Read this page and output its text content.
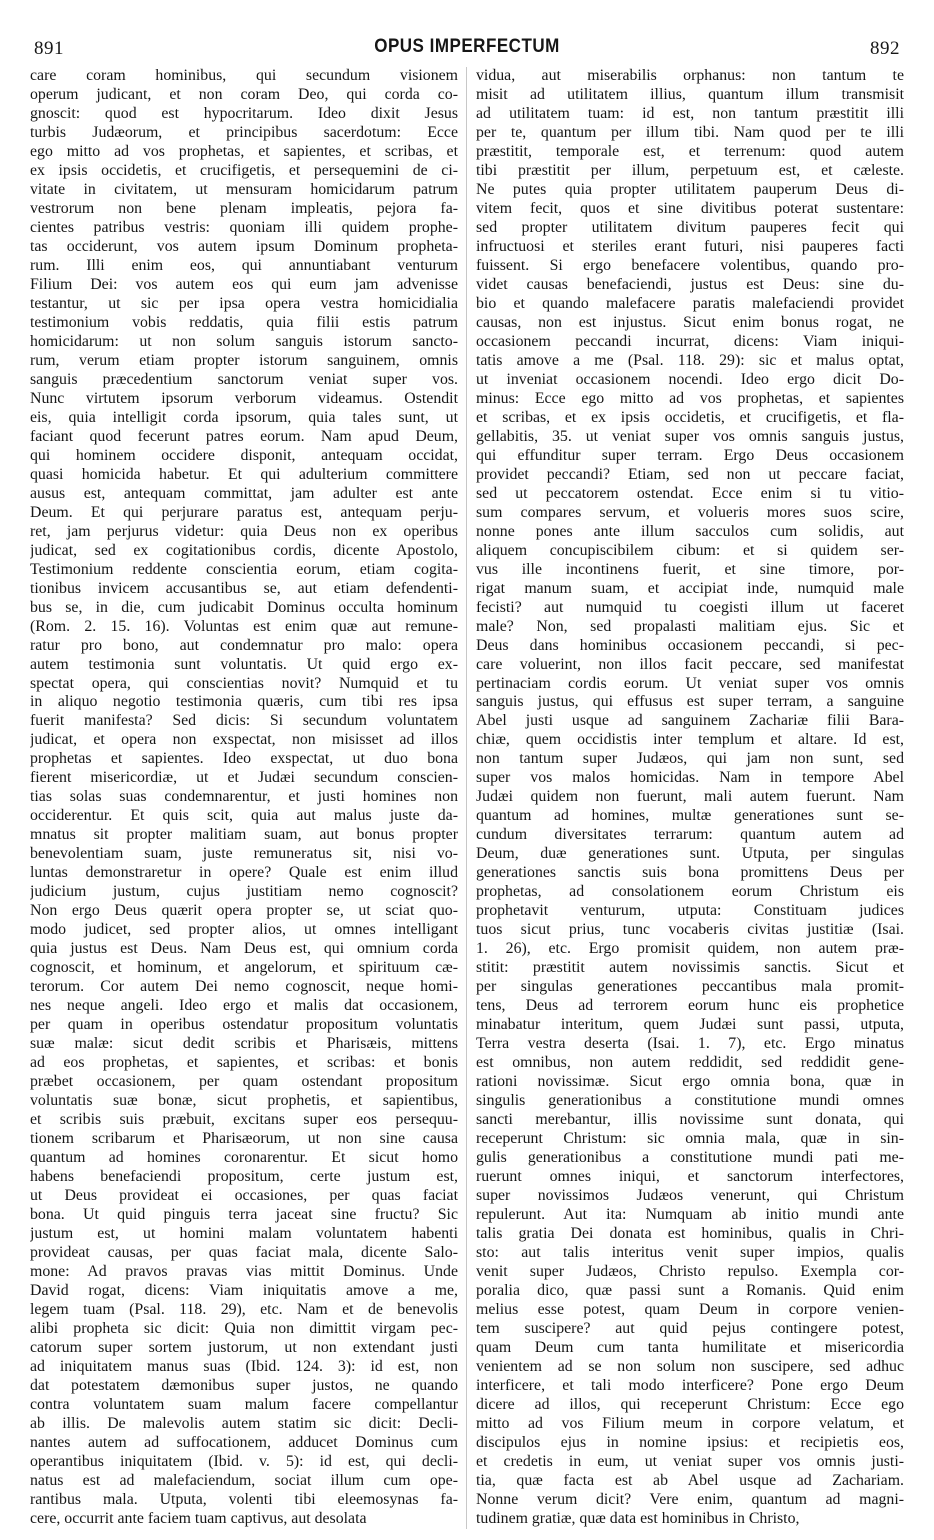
891	OPUS IMPERFECTUM	892
care coram hominibus, qui secundum visionem
operum judicant, et non coram Deo, qui corda co-
gnoscit: quod est hypocritarum. Ideo dixit Jesus
turbis Judæorum, et principibus sacerdotum: Ecce
ego mitto ad vos prophetas, et sapientes, et scribas, et
ex ipsis occidetis, et crucifigetis, et persequemini de ci-
vitate in civitatem, ut mensuram homicidarum patrum
vestrorum non bene plenam impleatis, pejora fa-
cientes patribus vestris: quoniam illi quidem prophe-
tas occiderunt, vos autem ipsum Dominum propheta-
rum. Illi enim eos, qui annuntiabant venturum
Filium Dei: vos autem eos qui eum jam advenisse
testantur, ut sic per ipsa opera vestra homicidialia
testimonium vobis reddatis, quia filii estis patrum
homicidarum: ut non solum sanguis istorum sancto-
rum, verum etiam propter istorum sanguinem, omnis
sanguis præcedentium sanctorum veniat super vos.
Nunc virtutem ipsorum verborum videamus. Ostendit
eis, quia intelligit corda ipsorum, quia tales sunt, ut
faciant quod fecerunt patres eorum. Nam apud Deum,
qui hominem occidere disponit, antequam occidat,
quasi homicida habetur. Et qui adulterium committere
ausus est, antequam committat, jam adulter est ante
Deum. Et qui perjurare paratus est, antequam perju-
ret, jam perjurus videtur: quia Deus non ex operibus
judicat, sed ex cogitationibus cordis, dicente Apostolo,
Testimonium reddente conscientia eorum, etiam cogita-
tionibus invicem accusantibus se, aut etiam defendenti-
bus se, in die, cum judicabit Dominus occulta hominum
(Rom. 2. 15. 16). Voluntas est enim quæ aut remune-
ratur pro bono, aut condemnatur pro malo: opera
autem testimonia sunt voluntatis. Ut quid ergo ex-
spectat opera, qui conscientias novit? Numquid et tu
in aliquo negotio testimonia quæris, cum tibi res ipsa
fuerit manifesta? Sed dicis: Si secundum voluntatem
judicat, et opera non exspectat, non misisset ad illos
prophetas et sapientes. Ideo exspectat, ut duo bona
fierent misericordiæ, ut et Judæi secundum conscien-
tias solas suas condemnarentur, et justi homines non
occiderentur. Et quis scit, quia aut malus juste da-
mnatus sit propter malitiam suam, aut bonus propter
benevolentiam suam, juste remuneratus sit, nisi vo-
luntas demonstraretur in opere? Quale est enim illud
judicium justum, cujus justitiam nemo cognoscit?
Non ergo Deus quærit opera propter se, ut sciat quo-
modo judicet, sed propter alios, ut omnes intelligant
quia justus est Deus. Nam Deus est, qui omnium corda
cognoscit, et hominum, et angelorum, et spirituum cæ-
terorum. Cor autem Dei nemo cognoscit, neque homi-
nes neque angeli. Ideo ergo et malis dat occasionem,
per quam in operibus ostendatur propositum voluntatis
suæ malæ: sicut dedit scribis et Pharisæis, mittens
ad eos prophetas, et sapientes, et scribas: et bonis
præbet occasionem, per quam ostendant propositum
voluntatis suæ bonæ, sicut prophetis, et sapientibus,
et scribis suis præbuit, excitans super eos persequu-
tionem scribarum et Pharisæorum, ut non sine causa
quantum ad homines coronarentur. Et sicut homo
habens benefaciendi propositum, certe justum est,
ut Deus provideat ei occasiones, per quas faciat
bona. Ut quid pinguis terra jaceat sine fructu? Sic
justum est, ut homini malam voluntatem habenti
provideat causas, per quas faciat mala, dicente Salo-
mone: Ad pravos pravas vias mittit Dominus. Unde
David rogat, dicens: Viam iniquitatis amove a me,
legem tuam (Psal. 118. 29), etc. Nam et de benevolis
alibi propheta sic dicit: Quia non dimittit virgam pec-
catorum super sortem justorum, ut non extendant justi
ad iniquitatem manus suas (Ibid. 124. 3): id est, non
dat potestatem dæmonibus super justos, ne quando
contra voluntatem suam malum facere compellantur
ab illis. De malevolis autem statim sic dicit: Decli-
nantes autem ad suffocationem, adducet Dominus cum
operantibus iniquitatem (Ibid. v. 5): id est, qui decli-
natus est ad malefaciendum, sociat illum cum ope-
rantibus mala. Utputa, volenti tibi eleemosynas fa-
cere, occurrit ante faciem tuam captivus, aut desolata
vidua, aut miserabilis orphanus: non tantum te
misit ad utilitatem illius, quantum illum transmisit
ad utilitatem tuam: id est, non tantum præstitit illi
per te, quantum per illum tibi. Nam quod per te illi
præstitit, temporale est, et terrenum: quod autem
tibi præstitit per illum, perpetuum est, et cæleste.
Ne putes quia propter utilitatem pauperum Deus di-
vitem fecit, quos et sine divitibus poterat sustentare:
sed propter utilitatem divitum pauperes fecit qui
infructuosi et steriles erant futuri, nisi pauperes facti
fuissent. Si ergo benefacere volentibus, quando pro-
videt causas benefaciendi, justus est Deus: sine du-
bio et quando malefacere paratis malefaciendi providet
causas, non est injustus. Sicut enim bonus rogat, ne
occasionem peccandi incurrat, dicens: Viam iniqui-
tatis amove a me (Psal. 118. 29): sic et malus optat,
ut inveniat occasionem nocendi. Ideo ergo dicit Do-
minus: Ecce ego mitto ad vos prophetas, et sapientes
et scribas, et ex ipsis occidetis, et crucifigetis, et fla-
gellabitis, 35. ut veniat super vos omnis sanguis justus,
qui effunditur super terram. Ergo Deus occasionem
providet peccandi? Etiam, sed non ut peccare faciat,
sed ut peccatorem ostendat. Ecce enim si tu vitio-
sum compares servum, et volueris mores suos scire,
nonne pones ante illum sacculos cum solidis, aut
aliquem concupiscibilem cibum: et si quidem ser-
vus ille incontinens fuerit, et sine timore, por-
rigat manum suam, et accipiat inde, numquid male
fecisti? aut numquid tu coegisti illum ut faceret
male? Non, sed propalasti malitiam ejus. Sic et
Deus dans hominibus occasionem peccandi, si pec-
care voluerint, non illos facit peccare, sed manifestat
pertinaciam cordis eorum. Ut veniat super vos omnis
sanguis justus, qui effusus est super terram, a sanguine
Abel justi usque ad sanguinem Zachariæ filii Bara-
chiæ, quem occidistis inter templum et altare. Id est,
non tantum super Judæos, qui jam non sunt, sed
super vos malos homicidas. Nam in tempore Abel
Judæi quidem non fuerunt, mali autem fuerunt. Nam
quantum ad homines, multæ generationes sunt se-
cundum diversitates terrarum: quantum autem ad
Deum, duæ generationes sunt. Utputa, per singulas
generationes sanctis suis bona promittens Deus per
prophetas, ad consolationem eorum Christum eis
prophetavit venturum, utputa: Constituam judices
tuos sicut prius, tunc vocaberis civitas justitiæ (Isai.
1. 26), etc. Ergo promisit quidem, non autem præ-
stitit: præstitit autem novissimis sanctis. Sicut et
per singulas generationes peccantibus mala promit-
tens, Deus ad terrorem eorum hunc eis prophetice
minabatur interitum, quem Judæi sunt passi, utputa,
Terra vestra deserta (Isai. 1. 7), etc. Ergo minatus
est omnibus, non autem reddidit, sed reddidit gene-
rationi novissimæ. Sicut ergo omnia bona, quæ in
singulis generationibus a constitutione mundi omnes
sancti merebantur, illis novissime sunt donata, qui
receperunt Christum: sic omnia mala, quæ in sin-
gulis generationibus a constitutione mundi pati me-
ruerunt omnes iniqui, et sanctorum interfectores,
super novissimos Judæos venerunt, qui Christum
repulerunt. Aut ita: Numquam ab initio mundi ante
talis gratia Dei donata est hominibus, qualis in Chri-
sto: aut talis interitus venit super impios, qualis
venit super Judæos, Christo repulso. Exempla cor-
poralia dico, quæ passi sunt a Romanis. Quid enim
melius esse potest, quam Deum in corpore venien-
tem suscipere? aut quid pejus contingere potest,
quam Deum cum tanta humilitate et misericordia
venientem ad se non solum non suscipere, sed adhuc
interficere, et tali modo interficere? Pone ergo Deum
dicere ad illos, qui receperunt Christum: Ecce ego
mitto ad vos Filium meum in corpore velatum, et
discipulos ejus in nomine ipsius: et recipietis eos,
et credetis in eum, ut veniat super vos omnis justi-
tia, quæ facta est ab Abel usque ad Zachariam.
Nonne verum dicit? Vere enim, quantum ad magni-
tudinem gratiæ, quæ data est hominibus in Christo,
